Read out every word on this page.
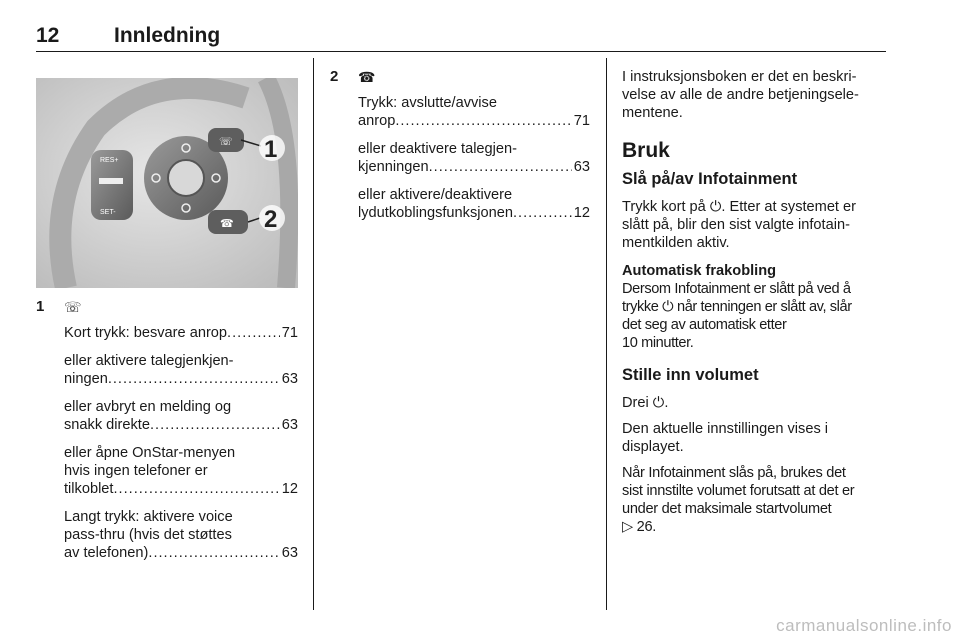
12	Innledning
RES+
SET-
☏
☎
1
2
1 ☏
Kort trykk: besvare anrop .....	71
eller aktivere talegjenkjen-
ningen .....	63
eller avbryt en melding og
snakk direkte .....	63
eller åpne OnStar-menyen
hvis ingen telefoner er
tilkoblet .....	12
Langt trykk: aktivere voice
pass-thru (hvis det støttes
av telefonen) .....	63
2 ☎
Trykk: avslutte/avvise
anrop .....	71
eller deaktivere talegjen-
kjenningen .....	63
eller aktivere/deaktivere
lydutkoblingsfunksjonen .....	12

I instruksjonsboken er det en beskri-
velse av alle de andre betjeningsele-
mentene.

Bruk

Slå på/av Infotainment

Trykk kort på ⏻. Etter at systemet er
slått på, blir den sist valgte infotain-
mentkilden aktiv.

Automatisk frakobling

Dersom Infotainment er slått på ved å
trykke ⏻ når tenningen er slått av, slår
det seg av automatisk etter
10 minutter.

Stille inn volumet

Drei ⏻.

Den aktuelle innstillingen vises i
displayet.

Når Infotainment slås på, brukes det
sist innstilte volumet forutsatt at det er
under det maksimale startvolumet
▷ 26.

carmanualsonline.info
